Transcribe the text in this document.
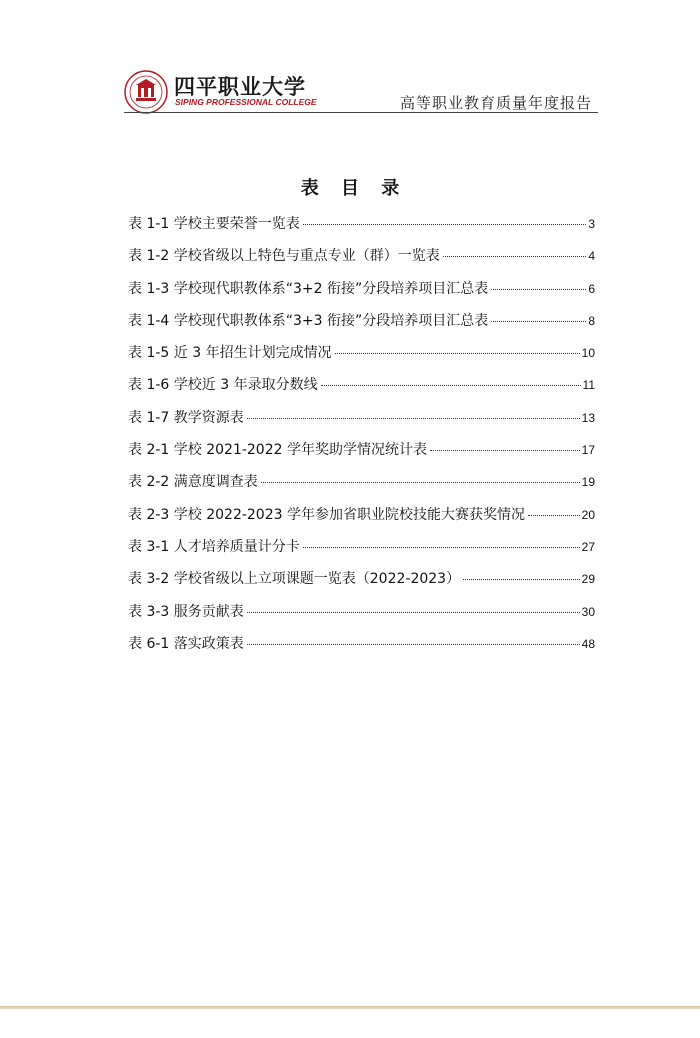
四平职业大学
SIPING PROFESSIONAL COLLEGE	高等职业教育质量年度报告
表 目 录
表 1-1 学校主要荣誉一览表	3
表 1-2 学校省级以上特色与重点专业（群）一览表	4
表 1-3 学校现代职教体系“3+2 衔接”分段培养项目汇总表	6
表 1-4 学校现代职教体系“3+3 衔接”分段培养项目汇总表	8
表 1-5 近 3 年招生计划完成情况	10
表 1-6 学校近 3 年录取分数线	11
表 1-7 教学资源表	13
表 2-1 学校 2021-2022 学年奖助学情况统计表	17
表 2-2 满意度调查表	19
表 2-3 学校 2022-2023 学年参加省职业院校技能大赛获奖情况	20
表 3-1 人才培养质量计分卡	27
表 3-2 学校省级以上立项课题一览表（2022-2023）	29
表 3-3 服务贡献表	30
表 6-1 落实政策表	48
